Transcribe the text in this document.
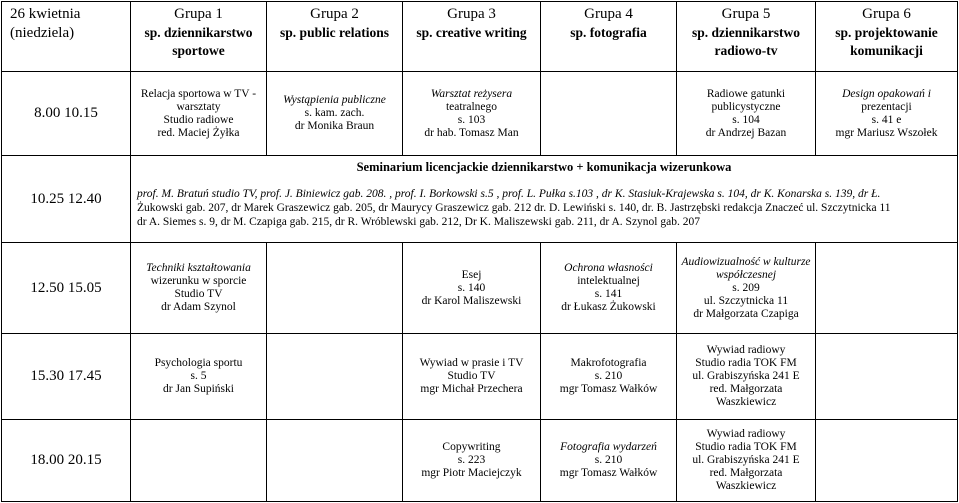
26 kwietnia
(niedziela)	Grupa 1
sp. dziennikarstwo
sportowe	Grupa 2
sp. public relations	Grupa 3
sp. creative writing	Grupa 4
sp. fotografia	Grupa 5
sp. dziennikarstwo
radiowo-tv	Grupa 6
sp. projektowanie
komunikacji

8.00 10.15	Relacja sportowa w TV -
warsztaty
Studio radiowe
red. Maciej Żyłka	Wystąpienia publiczne
s. kam. zach.
dr Monika Braun	Warsztat reżysera
teatralnego
s. 103
dr hab. Tomasz Man		Radiowe gatunki
publicystyczne
s. 104
dr Andrzej Bazan	Design opakowań i
prezentacji
s. 41 e
mgr Mariusz Wszołek

10.25 12.40	Seminarium licencjackie dziennikarstwo + komunikacja wizerunkowa
prof. M. Bratuń studio TV, prof. J. Biniewicz gab. 208. , prof. I. Borkowski s.5 , prof. L. Pułka s.103 , dr K. Stasiuk-Krajewska s. 104, dr K. Konarska s. 139, dr Ł.
Żukowski gab. 207, dr Marek Graszewicz gab. 205, dr Maurycy Graszewicz gab. 212 dr. D. Lewiński s. 140, dr. B. Jastrzębski redakcja Znaczeć ul. Szczytnicka 11
dr A. Siemes s. 9, dr M. Czapiga gab. 215, dr R. Wróblewski gab. 212, Dr K. Maliszewski gab. 211, dr A. Szynol gab. 207					

12.50 15.05	Techniki kształtowania
wizerunku w sporcie
Studio TV
dr Adam Szynol		Esej
s. 140
dr Karol Maliszewski	Ochrona własności
intelektualnej
s. 141
dr Łukasz Żukowski	Audiowizualność w kulturze
współczesnej
s. 209
ul. Szczytnicka 11
dr Małgorzata Czapiga	

15.30 17.45	Psychologia sportu
s. 5
dr Jan Supiński		Wywiad w prasie i TV
Studio TV
mgr Michał Przechera	Makrofotografia
s. 210
mgr Tomasz Wałków	Wywiad radiowy
Studio radia TOK FM
ul. Grabiszyńska 241 E
red. Małgorzata
Waszkiewicz	

18.00 20.15			Copywriting
s. 223
mgr Piotr Maciejczyk	Fotografia wydarzeń
s. 210
mgr Tomasz Wałków	Wywiad radiowy
Studio radia TOK FM
ul. Grabiszyńska 241 E
red. Małgorzata
Waszkiewicz	
